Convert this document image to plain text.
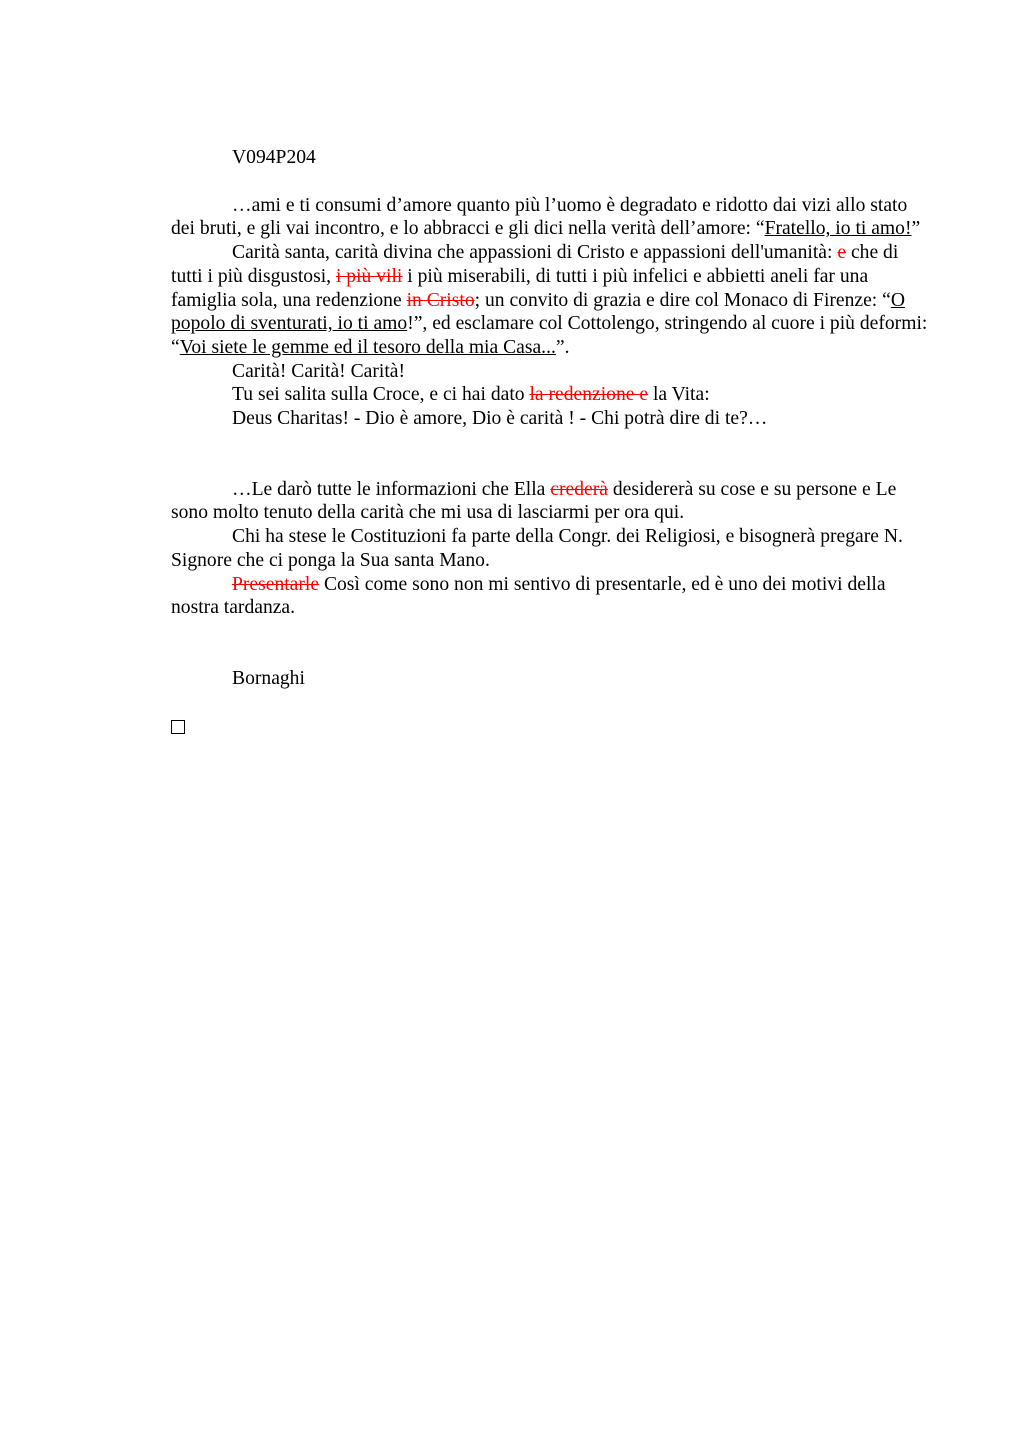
V094P204

…ami e ti consumi d’amore quanto più l’uomo è degradato e ridotto dai vizi allo stato dei bruti, e gli vai incontro, e lo abbracci e gli dici nella verità dell’amore: “Fratello, io ti amo!”

Carità santa, carità divina che appassioni di Cristo e appassioni dell'umanità: e che di tutti i più disgustosi, i più vili i più miserabili, di tutti i più infelici e abbietti aneli far una famiglia sola, una redenzione in Cristo; un convito di grazia e dire col Monaco di Firenze: “O popolo di sventurati, io ti amo!”, ed esclamare col Cottolengo, stringendo al cuore i più deformi: “Voi siete le gemme ed il tesoro della mia Casa...”.

Carità! Carità! Carità!

Tu sei salita sulla Croce, e ci hai dato la redenzione e la Vita:

Deus Charitas! - Dio è amore, Dio è carità ! - Chi potrà dire di te?…

…Le darò tutte le informazioni che Ella crederà desidererà su cose e su persone e Le sono molto tenuto della carità che mi usa di lasciarmi per ora qui.

Chi ha stese le Costituzioni fa parte della Congr. dei Religiosi, e bisognerà pregare N. Signore che ci ponga la Sua santa Mano.

Presentarle Così come sono non mi sentivo di presentarle, ed è uno dei motivi della nostra tardanza.

Bornaghi
